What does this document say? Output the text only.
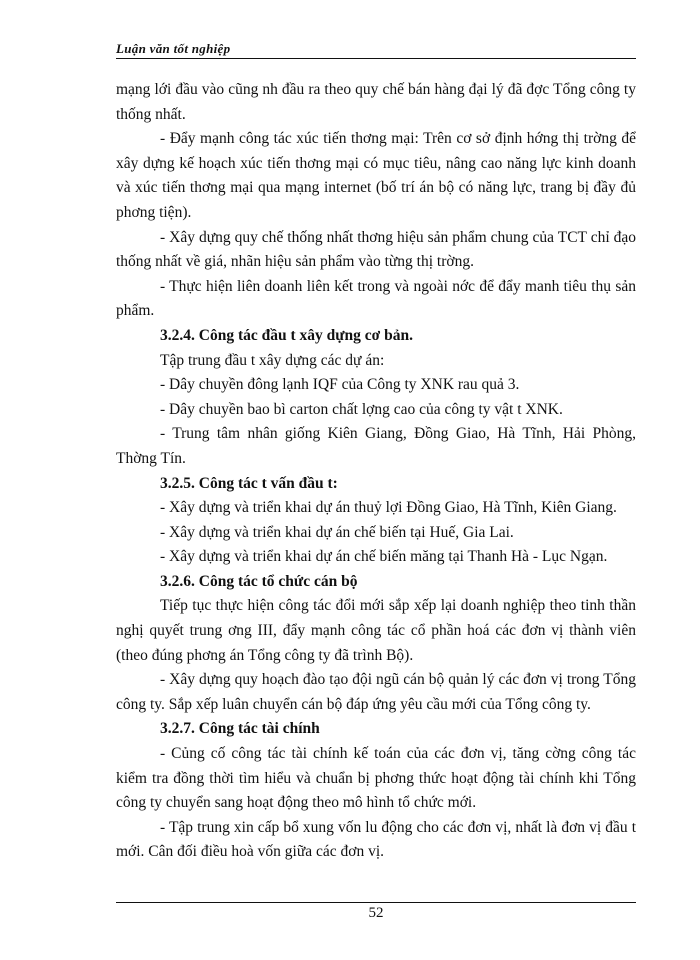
Luận văn tốt nghiệp

mạng lới đầu vào cũng nh đầu ra theo quy chế bán hàng đại lý đã đợc Tổng công ty thống nhất.

- Đẩy mạnh công tác xúc tiến thơng mại: Trên cơ sở định hớng thị trờng để xây dựng kế hoạch xúc tiến thơng mại có mục tiêu, nâng cao năng lực kinh doanh và xúc tiến thơng mại qua mạng internet (bố trí án bộ có năng lực, trang bị đầy đủ phơng tiện).

- Xây dựng quy chế thống nhất thơng hiệu sản phẩm chung của TCT chỉ đạo thống nhất về giá, nhãn hiệu sản phẩm vào từng thị trờng.

- Thực hiện liên doanh liên kết trong và ngoài nớc để đẩy manh tiêu thụ sản phẩm.

3.2.4. Công tác đầu t xây dựng cơ bản.

Tập trung đầu t xây dựng các dự án:

- Dây chuyền đông lạnh IQF của Công ty XNK rau quả 3.

- Dây chuyền bao bì carton chất lợng cao của công ty vật t XNK.

- Trung tâm nhân giống Kiên Giang, Đồng Giao, Hà Tĩnh, Hải Phòng, Thờng Tín.

3.2.5. Công tác t vấn đầu t:

- Xây dựng và triển khai dự án thuỷ lợi Đồng Giao, Hà Tĩnh, Kiên Giang.

- Xây dựng và triển khai dự án chế biến tại Huế, Gia Lai.

- Xây dựng và triển khai dự án chế biến măng tại Thanh Hà - Lục Ngạn.

3.2.6. Công tác tổ chức cán bộ

Tiếp tục thực hiện công tác đổi mới sắp xếp lại doanh nghiệp theo tinh thần nghị quyết trung ơng III, đẩy mạnh công tác cổ phần hoá các đơn vị thành viên (theo đúng phơng án Tổng công ty đã trình Bộ).

- Xây dựng quy hoạch đào tạo đội ngũ cán bộ quản lý các đơn vị trong Tổng công ty. Sắp xếp luân chuyển cán bộ đáp ứng yêu cầu mới của Tổng công ty.

3.2.7. Công tác tài chính

- Củng cố công tác tài chính kế toán của các đơn vị, tăng cờng công tác kiểm tra đồng thời tìm hiểu và chuẩn bị phơng thức hoạt động tài chính khi Tổng công ty chuyển sang hoạt động theo mô hình tổ chức mới.

- Tập trung xin cấp bổ xung vốn lu động cho các đơn vị, nhất là đơn vị đầu t mới. Cân đối điều hoà vốn giữa các đơn vị.

52
